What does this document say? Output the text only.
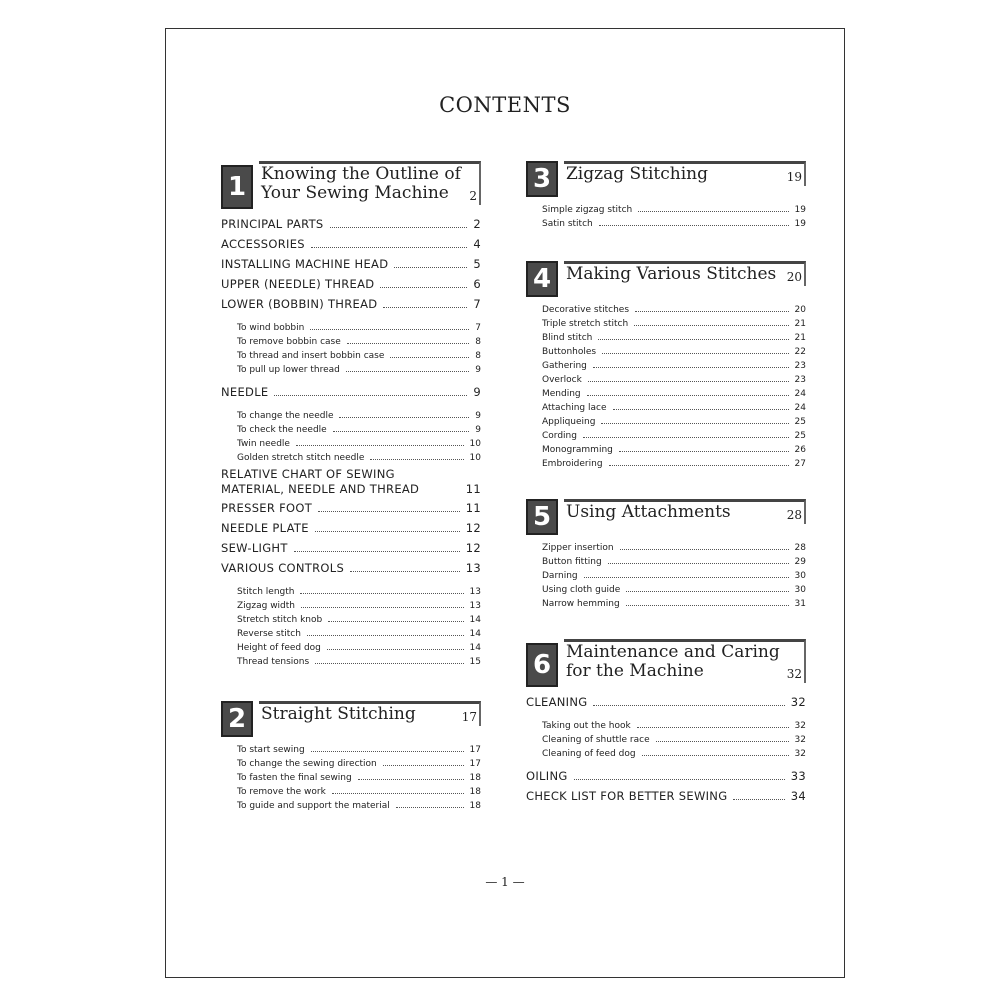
CONTENTS
1 Knowing the Outline of
Your Sewing Machine	2
PRINCIPAL PARTS	2
ACCESSORIES	4
INSTALLING MACHINE HEAD	5
UPPER (NEEDLE) THREAD	6
LOWER (BOBBIN) THREAD	7
To wind bobbin	7
To remove bobbin case	8
To thread and insert bobbin case	8
To pull up lower thread	9
NEEDLE	9
To change the needle	9
To check the needle	9
Twin needle	10
Golden stretch stitch needle	10
RELATIVE CHART OF SEWING
MATERIAL, NEEDLE AND THREAD	11
PRESSER FOOT	11
NEEDLE PLATE	12
SEW-LIGHT	12
VARIOUS CONTROLS	13
Stitch length	13
Zigzag width	13
Stretch stitch knob	14
Reverse stitch	14
Height of feed dog	14
Thread tensions	15
2 Straight Stitching	17
To start sewing	17
To change the sewing direction	17
To fasten the final sewing	18
To remove the work	18
To guide and support the material	18
3 Zigzag Stitching	19
Simple zigzag stitch	19
Satin stitch	19
4 Making Various Stitches 20
Decorative stitches	20
Triple stretch stitch	21
Blind stitch	21
Buttonholes	22
Gathering	23
Overlock	23
Mending	24
Attaching lace	24
Appliqueing	25
Cording	25
Monogramming	26
Embroidering	27
5 Using Attachments	28
Zipper insertion	28
Button fitting	29
Darning	30
Using cloth guide	30
Narrow hemming	31
6 Maintenance and Caring
for the Machine	32
CLEANING	32
Taking out the hook	32
Cleaning of shuttle race	32
Cleaning of feed dog	32
OILING	33
CHECK LIST FOR BETTER SEWING	34
— 1 —
